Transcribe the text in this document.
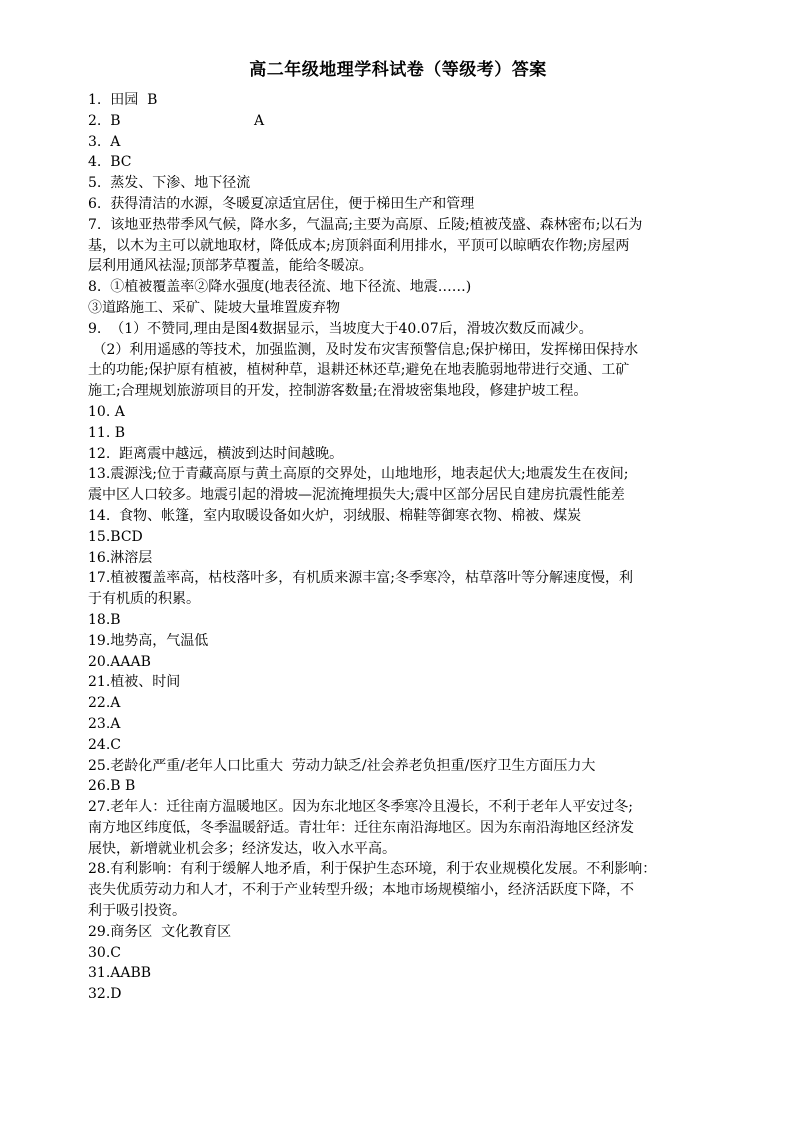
高二年级地理学科试卷（等级考）答案
1.  田园  B
2.  B                              A
3.  A
4.  BC
5.  蒸发、下渗、地下径流
6.  获得清洁的水源，冬暖夏凉适宜居住，便于梯田生产和管理
7.  该地亚热带季风气候，降水多，气温高;主要为高原、丘陵;植被茂盛、森林密布;以石为
基，以木为主可以就地取材，降低成本;房顶斜面利用排水，平顶可以晾晒农作物;房屋两
层利用通风祛湿;顶部茅草覆盖，能给冬暖凉。
8.  ①植被覆盖率②降水强度(地表径流、地下径流、地震……)
③道路施工、采矿、陡坡大量堆置废弃物
9.  （1）不赞同,理由是图4数据显示，当坡度大于40.07后，滑坡次数反而减少。
（2）利用遥感的等技术，加强监测，及时发布灾害预警信息;保护梯田，发挥梯田保持水
土的功能;保护原有植被，植树种草，退耕还林还草;避免在地表脆弱地带进行交通、工矿
施工;合理规划旅游项目的开发，控制游客数量;在滑坡密集地段，修建护坡工程。
10. A
11. B
12.  距离震中越远，横波到达时间越晚。
13.震源浅;位于青藏高原与黄土高原的交界处，山地地形，地表起伏大;地震发生在夜间;
震中区人口较多。地震引起的滑坡—泥流掩埋损失大;震中区部分居民自建房抗震性能差
14.  食物、帐篷，室内取暖设备如火炉，羽绒服、棉鞋等御寒衣物、棉被、煤炭
15.BCD
16.淋溶层
17.植被覆盖率高，枯枝落叶多，有机质来源丰富;冬季寒冷，枯草落叶等分解速度慢，利
于有机质的积累。
18.B
19.地势高，气温低
20.AAAB
21.植被、时间
22.A
23.A
24.C
25.老龄化严重/老年人口比重大  劳动力缺乏/社会养老负担重/医疗卫生方面压力大
26.B B
27.老年人：迁往南方温暖地区。因为东北地区冬季寒冷且漫长，不利于老年人平安过冬;
南方地区纬度低，冬季温暖舒适。青壮年：迁往东南沿海地区。因为东南沿海地区经济发
展快，新增就业机会多；经济发达，收入水平高。
28.有利影响：有利于缓解人地矛盾，利于保护生态环境，利于农业规模化发展。不利影响：
丧失优质劳动力和人才，不利于产业转型升级；本地市场规模缩小，经济活跃度下降，不
利于吸引投资。
29.商务区  文化教育区
30.C
31.AABB
32.D
